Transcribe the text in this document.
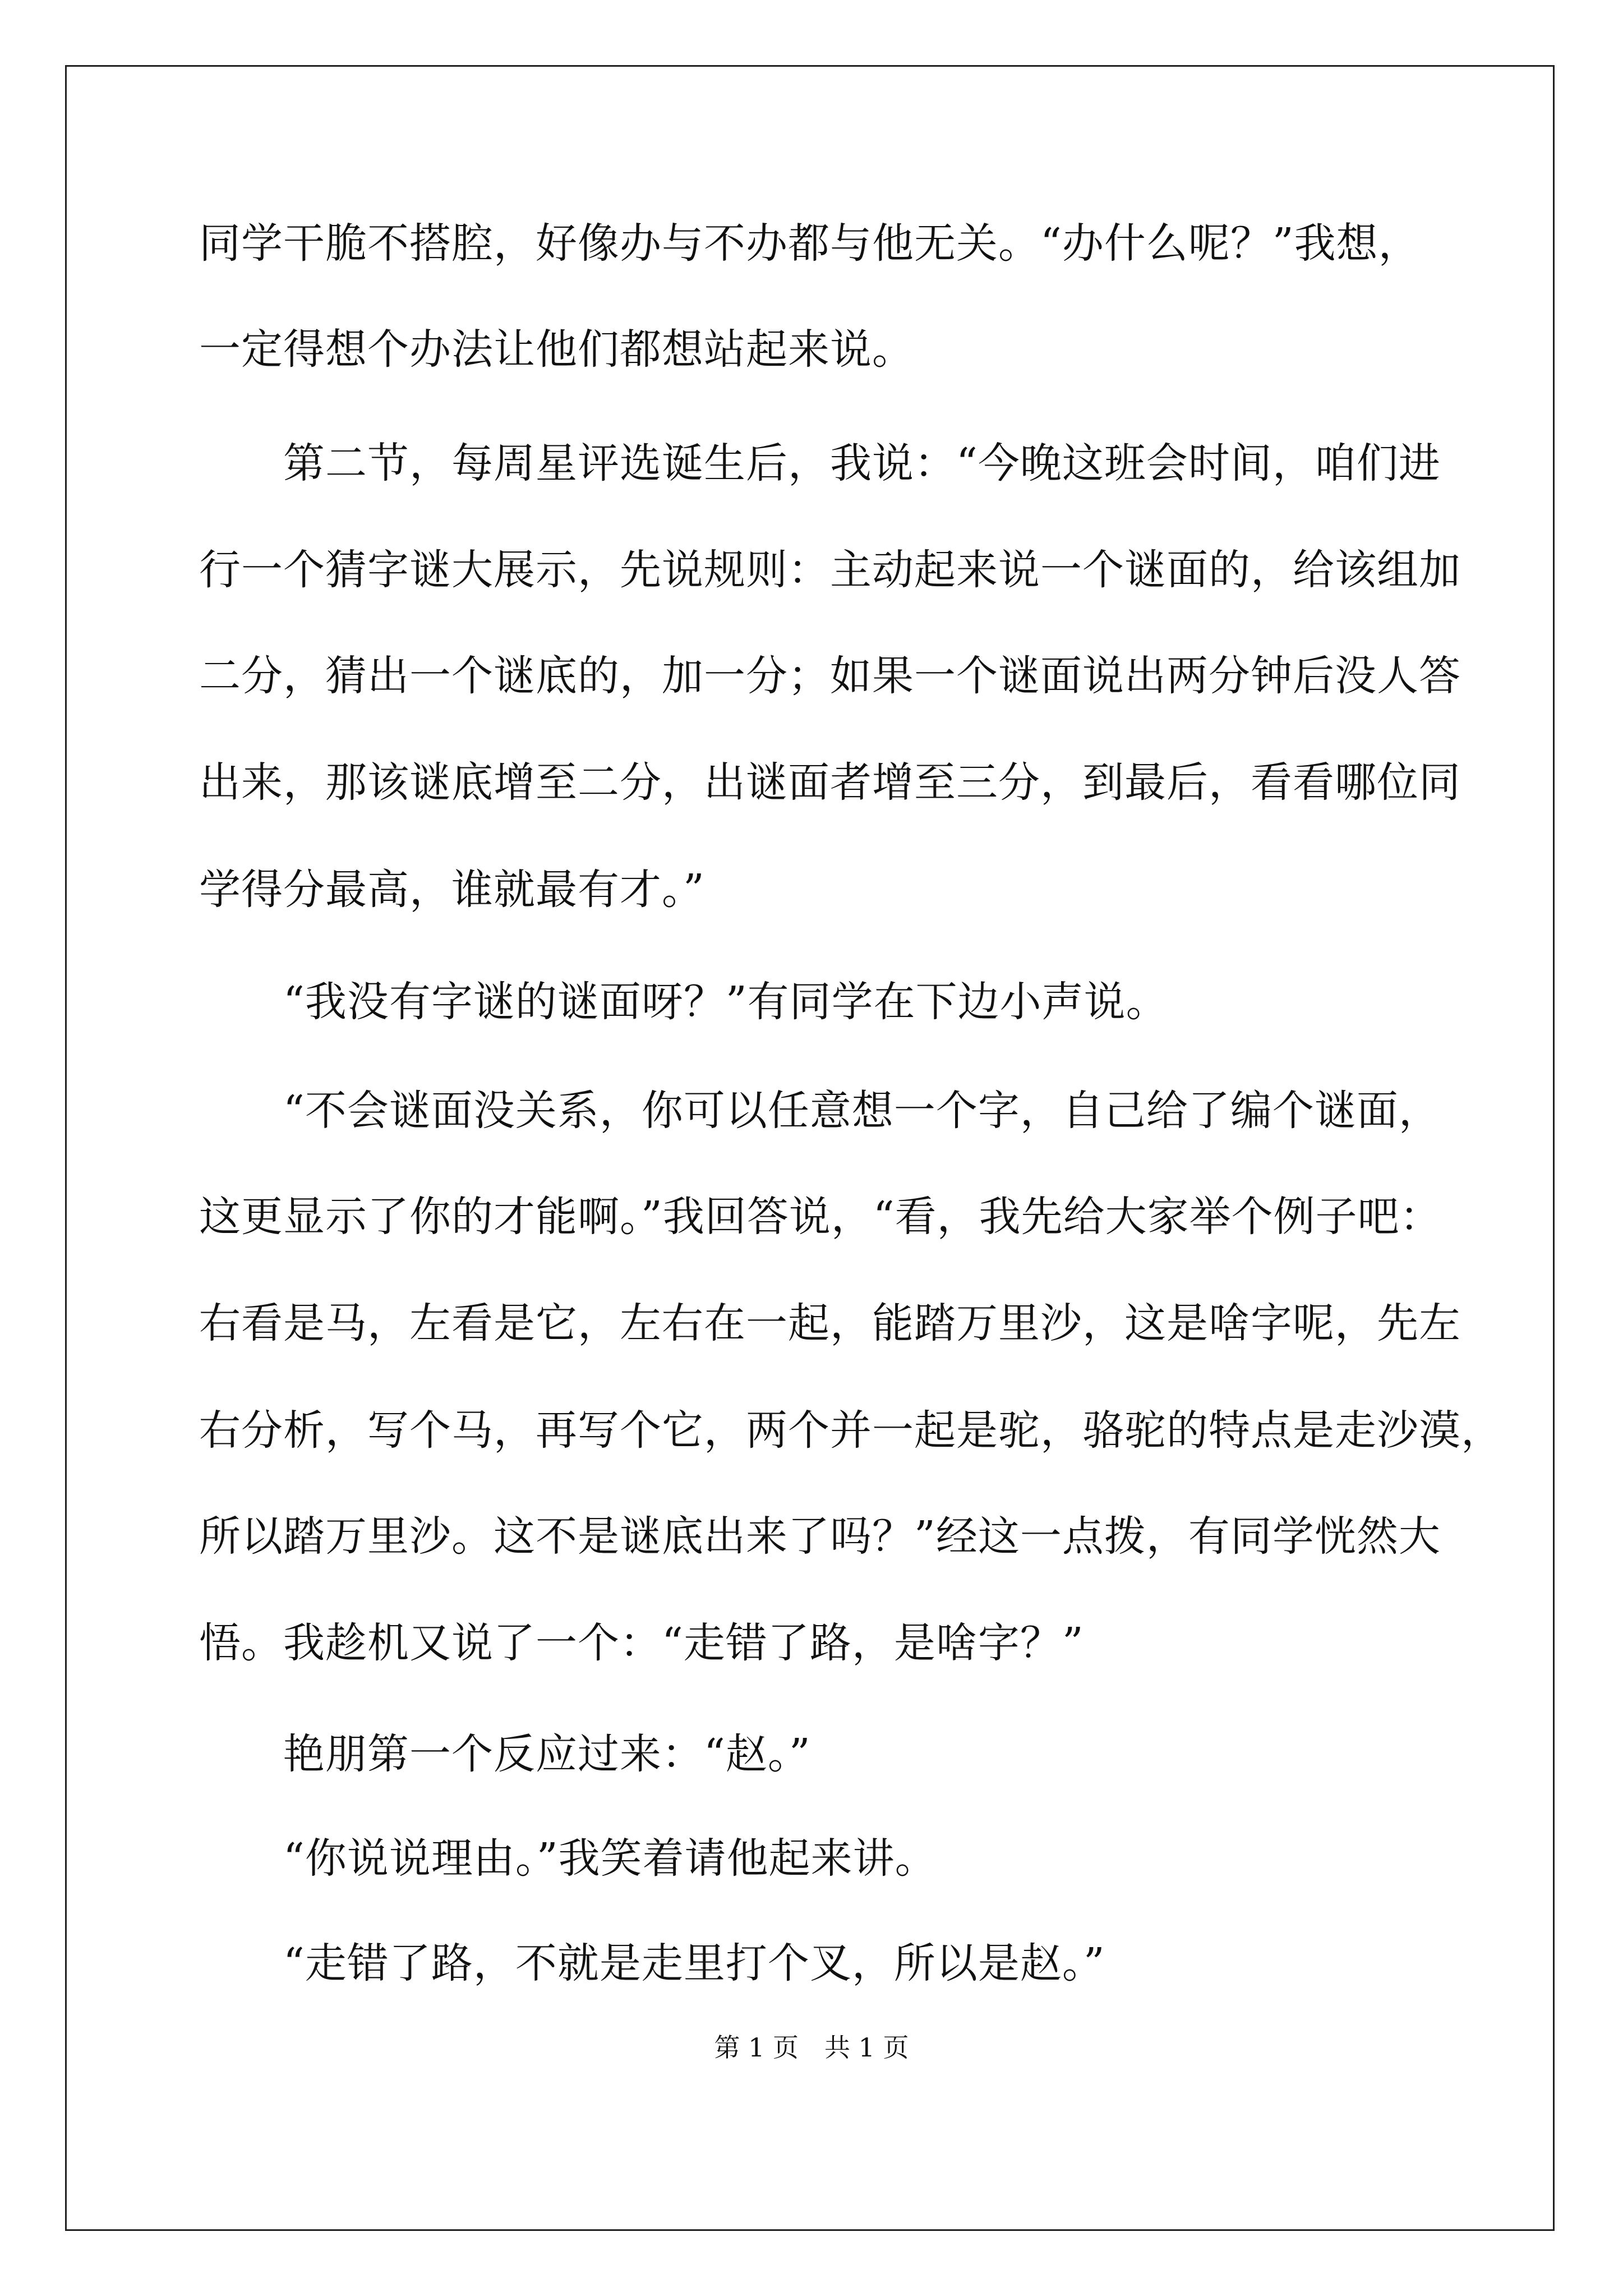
同学干脆不搭腔，好像办与不办都与他无关。“办什么呢？”我想，
一定得想个办法让他们都想站起来说。
　　第二节，每周星评选诞生后，我说：“今晚这班会时间，咱们进
行一个猜字谜大展示，先说规则：主动起来说一个谜面的，给该组加
二分，猜出一个谜底的，加一分；如果一个谜面说出两分钟后没人答
出来，那该谜底增至二分，出谜面者增至三分，到最后，看看哪位同
学得分最高，谁就最有才。”
　　“我没有字谜的谜面呀？”有同学在下边小声说。
　　“不会谜面没关系，你可以任意想一个字，自己给了编个谜面，
这更显示了你的才能啊。”我回答说，“看，我先给大家举个例子吧：
右看是马，左看是它，左右在一起，能踏万里沙，这是啥字呢，先左
右分析，写个马，再写个它，两个并一起是驼，骆驼的特点是走沙漠，
所以踏万里沙。这不是谜底出来了吗？”经这一点拨，有同学恍然大
悟。我趁机又说了一个：“走错了路，是啥字？”
　　艳朋第一个反应过来：“赵。”
　　“你说说理由。”我笑着请他起来讲。
　　“走错了路，不就是走里打个叉，所以是赵。”
第 1 页　共 1 页
